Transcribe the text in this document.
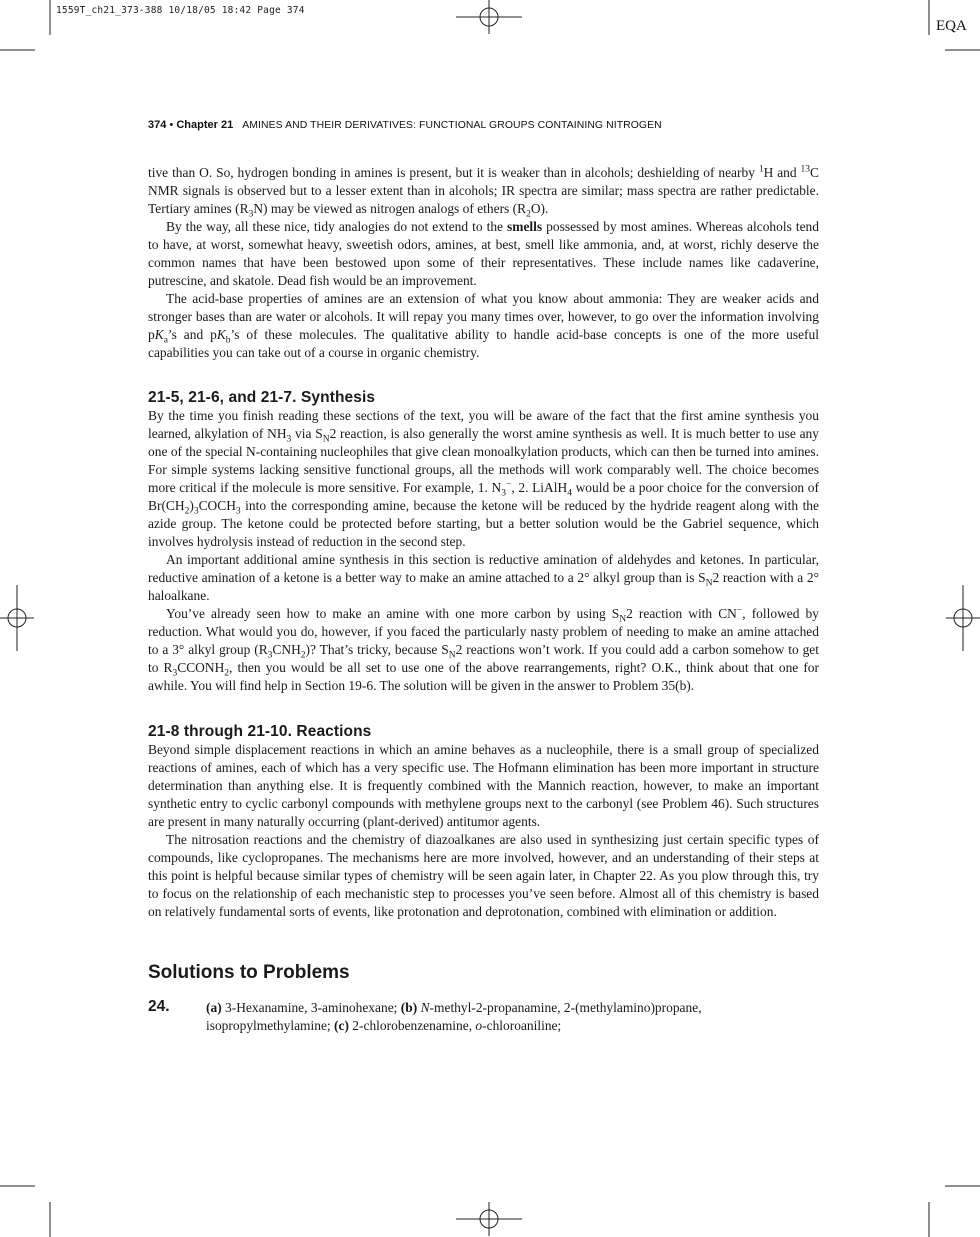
1559T_ch21_373-388 10/18/05 18:42 Page 374
EQA
374 • Chapter 21 AMINES AND THEIR DERIVATIVES: FUNCTIONAL GROUPS CONTAINING NITROGEN

tive than O. So, hydrogen bonding in amines is present, but it is weaker than in alcohols; deshielding of nearby $^1$H and $^{13}$C NMR signals is observed but to a lesser extent than in alcohols; IR spectra are similar; mass spectra are rather predictable. Tertiary amines $(R_3N)$ may be viewed as nitrogen analogs of ethers $(R_2O)$.

By the way, all these nice, tidy analogies do not extend to the smells possessed by most amines. Whereas alcohols tend to have, at worst, somewhat heavy, sweetish odors, amines, at best, smell like ammonia, and, at worst, richly deserve the common names that have been bestowed upon some of their representatives. These include names like cadaverine, putrescine, and skatole. Dead fish would be an improvement.

The acid-base properties of amines are an extension of what you know about ammonia: They are weaker acids and stronger bases than are water or alcohols. It will repay you many times over, however, to go over the information involving $pK_a’s$ and $pK_b’s$ of these molecules. The qualitative ability to handle acid-base concepts is one of the more useful capabilities you can take out of a course in organic chemistry.

21-5, 21-6, and 21-7. Synthesis

By the time you finish reading these sections of the text, you will be aware of the fact that the first amine synthesis you learned, alkylation of $NH_3$ via $S_N2$ reaction, is also generally the worst amine synthesis as well. It is much better to use any one of the special N-containing nucleophiles that give clean monoalkylation products, which can then be turned into amines. For simple systems lacking sensitive functional groups, all the methods will work comparably well. The choice becomes more critical if the molecule is more sensitive. For example, 1. $N_3^-$, 2. LiAlH$_4$ would be a poor choice for the conversion of $Br(CH_2)_3COCH_3$ into the corresponding amine, because the ketone will be reduced by the hydride reagent along with the azide group. The ketone could be protected before starting, but a better solution would be the Gabriel sequence, which involves hydrolysis instead of reduction in the second step.

An important additional amine synthesis in this section is reductive amination of aldehydes and ketones. In particular, reductive amination of a ketone is a better way to make an amine attached to a 2° alkyl group than is $S_N2$ reaction with a 2° haloalkane.

You’ve already seen how to make an amine with one more carbon by using $S_N2$ reaction with CN−, followed by reduction. What would you do, however, if you faced the particularly nasty problem of needing to make an amine attached to a 3° alkyl group $(R_3CNH_2)$? That’s tricky, because $S_N2$ reactions won’t work. If you could add a carbon somehow to get to $R_3CCONH_2$, then you would be all set to use one of the above rearrangements, right? O.K., think about that one for awhile. You will find help in Section 19-6. The solution will be given in the answer to Problem 35(b).

21-8 through 21-10. Reactions

Beyond simple displacement reactions in which an amine behaves as a nucleophile, there is a small group of specialized reactions of amines, each of which has a very specific use. The Hofmann elimination has been more important in structure determination than anything else. It is frequently combined with the Mannich reaction, however, to make an important synthetic entry to cyclic carbonyl compounds with methylene groups next to the carbonyl (see Problem 46). Such structures are present in many naturally occurring (plant-derived) antitumor agents.

The nitrosation reactions and the chemistry of diazoalkanes are also used in synthesizing just certain specific types of compounds, like cyclopropanes. The mechanisms here are more involved, however, and an understanding of their steps at this point is helpful because similar types of chemistry will be seen again later, in Chapter 22. As you plow through this, try to focus on the relationship of each mechanistic step to processes you’ve seen before. Almost all of this chemistry is based on relatively fundamental sorts of events, like protonation and deprotonation, combined with elimination or addition.

Solutions to Problems
24.	(a) 3-Hexanamine, 3-aminohexane; (b) N-methyl-2-propanamine, 2-(methylamino)propane, isopropylmethylamine; (c) 2-chlorobenzenamine, o-chloroaniline;
